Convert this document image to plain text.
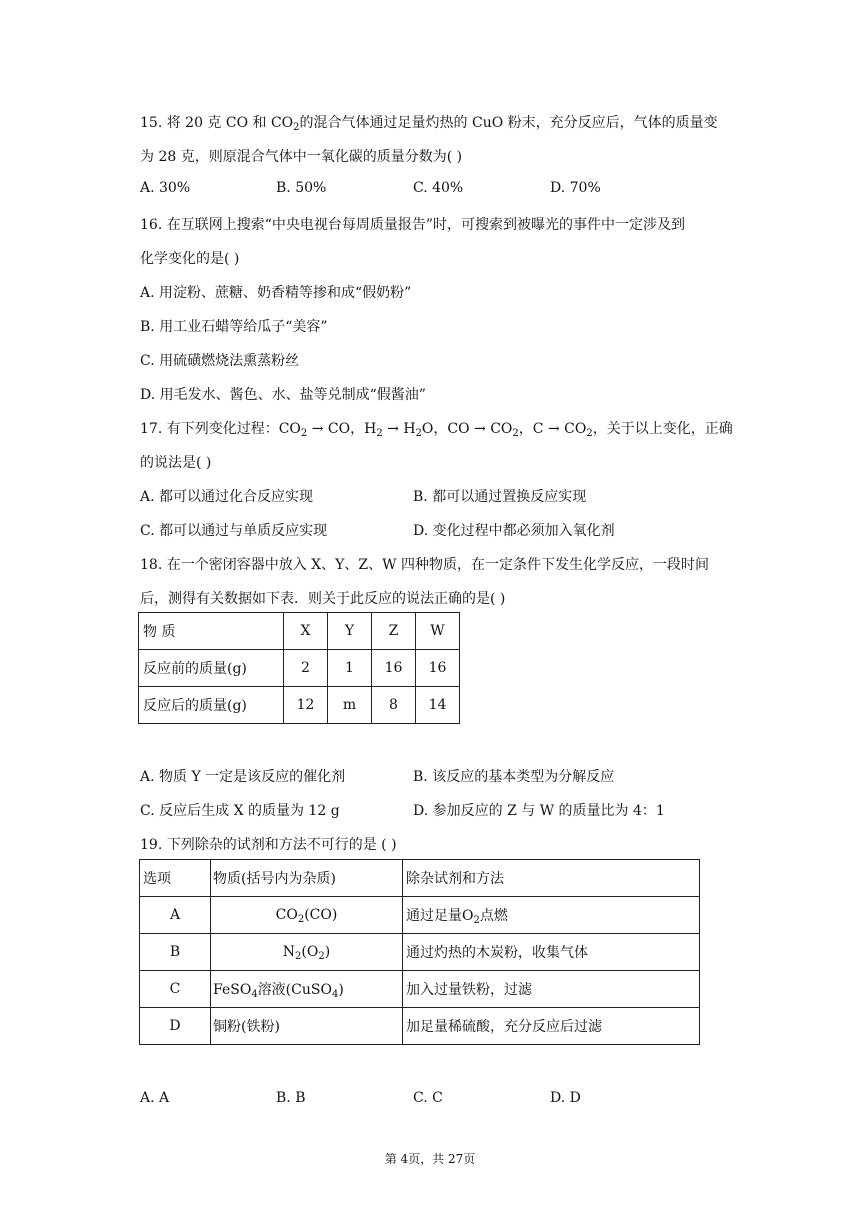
15. 将 20 克 CO 和 $CO_2$的混合气体通过足量灼热的 CuO 粉末，充分反应后，气体的质量变
为 28 克，则原混合气体中一氧化碳的质量分数为( )
A. 30%	B. 50%	C. 40%	D. 70%
16. 在互联网上搜索“中央电视台每周质量报告”时，可搜索到被曝光的事件中一定涉及到
化学变化的是( )
A. 用淀粉、蔗糖、奶香精等掺和成“假奶粉”
B. 用工业石蜡等给瓜子“美容”
C. 用硫磺燃烧法熏蒸粉丝
D. 用毛发水、酱色、水、盐等兑制成“假酱油”
17. 有下列变化过程：$CO_2$ → CO，$H_2 \to H_2O$，CO → $CO_2$，$C \to CO_2$，关于以上变化，正确
的说法是( )
A. 都可以通过化合反应实现	B. 都可以通过置换反应实现
C. 都可以通过与单质反应实现	D. 变化过程中都必须加入氧化剂
18. 在一个密闭容器中放入 X、Y、Z、W 四种物质，在一定条件下发生化学反应，一段时间
后，测得有关数据如下表．则关于此反应的说法正确的是( )
物 质	X	Y	Z	W
反应前的质量(g)	2	1	16	16
反应后的质量(g)	12	m	8	14
A. 物质 Y 一定是该反应的催化剂	B. 该反应的基本类型为分解反应
C. 反应后生成 X 的质量为 12 g	D. 参加反应的 Z 与 W 的质量比为 4：1
19. 下列除杂的试剂和方法不可行的是 ( )
选项	物质(括号内为杂质)	除杂试剂和方法
A	$CO_2(CO)$	通过足量$O_2$点燃
B	$N_2(O_2)$	通过灼热的木炭粉，收集气体
C	FeSO$_4$溶液(CuSO$_4$)	加入过量铁粉，过滤
D	铜粉(铁粉)	加足量稀硫酸，充分反应后过滤
A. A	B. B	C. C	D. D
第 4页，共 27页
